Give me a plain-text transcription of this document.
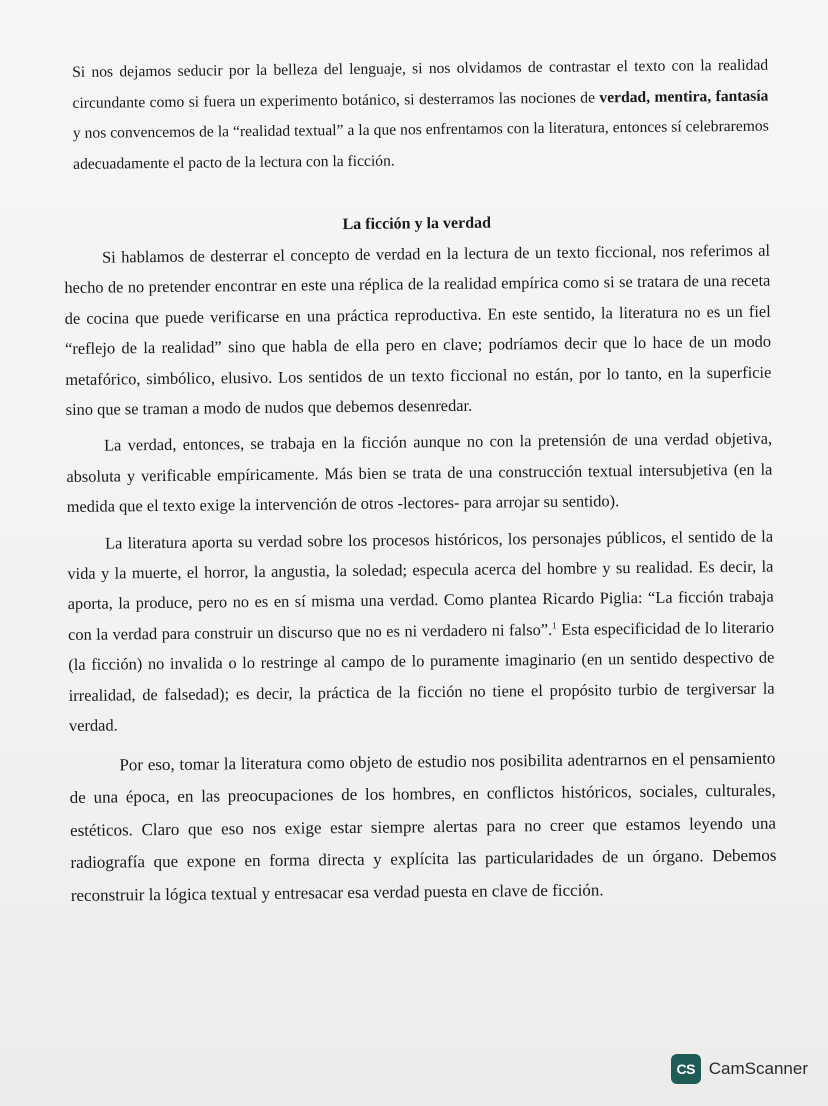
Si nos dejamos seducir por la belleza del lenguaje, si nos olvidamos de contrastar el texto con la realidad circundante como si fuera un experimento botánico, si desterramos las nociones de verdad, mentira, fantasía y nos convencemos de la “realidad textual” a la que nos enfrentamos con la literatura, entonces sí celebraremos adecuadamente el pacto de la lectura con la ficción.

La ficción y la verdad

Si hablamos de desterrar el concepto de verdad en la lectura de un texto ficcional, nos referimos al hecho de no pretender encontrar en este una réplica de la realidad empírica como si se tratara de una receta de cocina que puede verificarse en una práctica reproductiva. En este sentido, la literatura no es un fiel “reflejo de la realidad” sino que habla de ella pero en clave; podríamos decir que lo hace de un modo metafórico, simbólico, elusivo. Los sentidos de un texto ficcional no están, por lo tanto, en la superficie sino que se traman a modo de nudos que debemos desenredar.

La verdad, entonces, se trabaja en la ficción aunque no con la pretensión de una verdad objetiva, absoluta y verificable empíricamente. Más bien se trata de una construcción textual intersubjetiva (en la medida que el texto exige la intervención de otros -lectores- para arrojar su sentido).

La literatura aporta su verdad sobre los procesos históricos, los personajes públicos, el sentido de la vida y la muerte, el horror, la angustia, la soledad; especula acerca del hombre y su realidad. Es decir, la aporta, la produce, pero no es en sí misma una verdad. Como plantea Ricardo Piglia: “La ficción trabaja con la verdad para construir un discurso que no es ni verdadero ni falso”.$^1$ Esta especificidad de lo literario (la ficción) no invalida o lo restringe al campo de lo puramente imaginario (en un sentido despectivo de irrealidad, de falsedad); es decir, la práctica de la ficción no tiene el propósito turbio de tergiversar la verdad.

Por eso, tomar la literatura como objeto de estudio nos posibilita adentrarnos en el pensamiento de una época, en las preocupaciones de los hombres, en conflictos históricos, sociales, culturales, estéticos. Claro que eso nos exige estar siempre alertas para no creer que estamos leyendo una radiografía que expone en forma directa y explícita las particularidades de un órgano. Debemos reconstruir la lógica textual y entresacar esa verdad puesta en clave de ficción.

CS CamScanner
